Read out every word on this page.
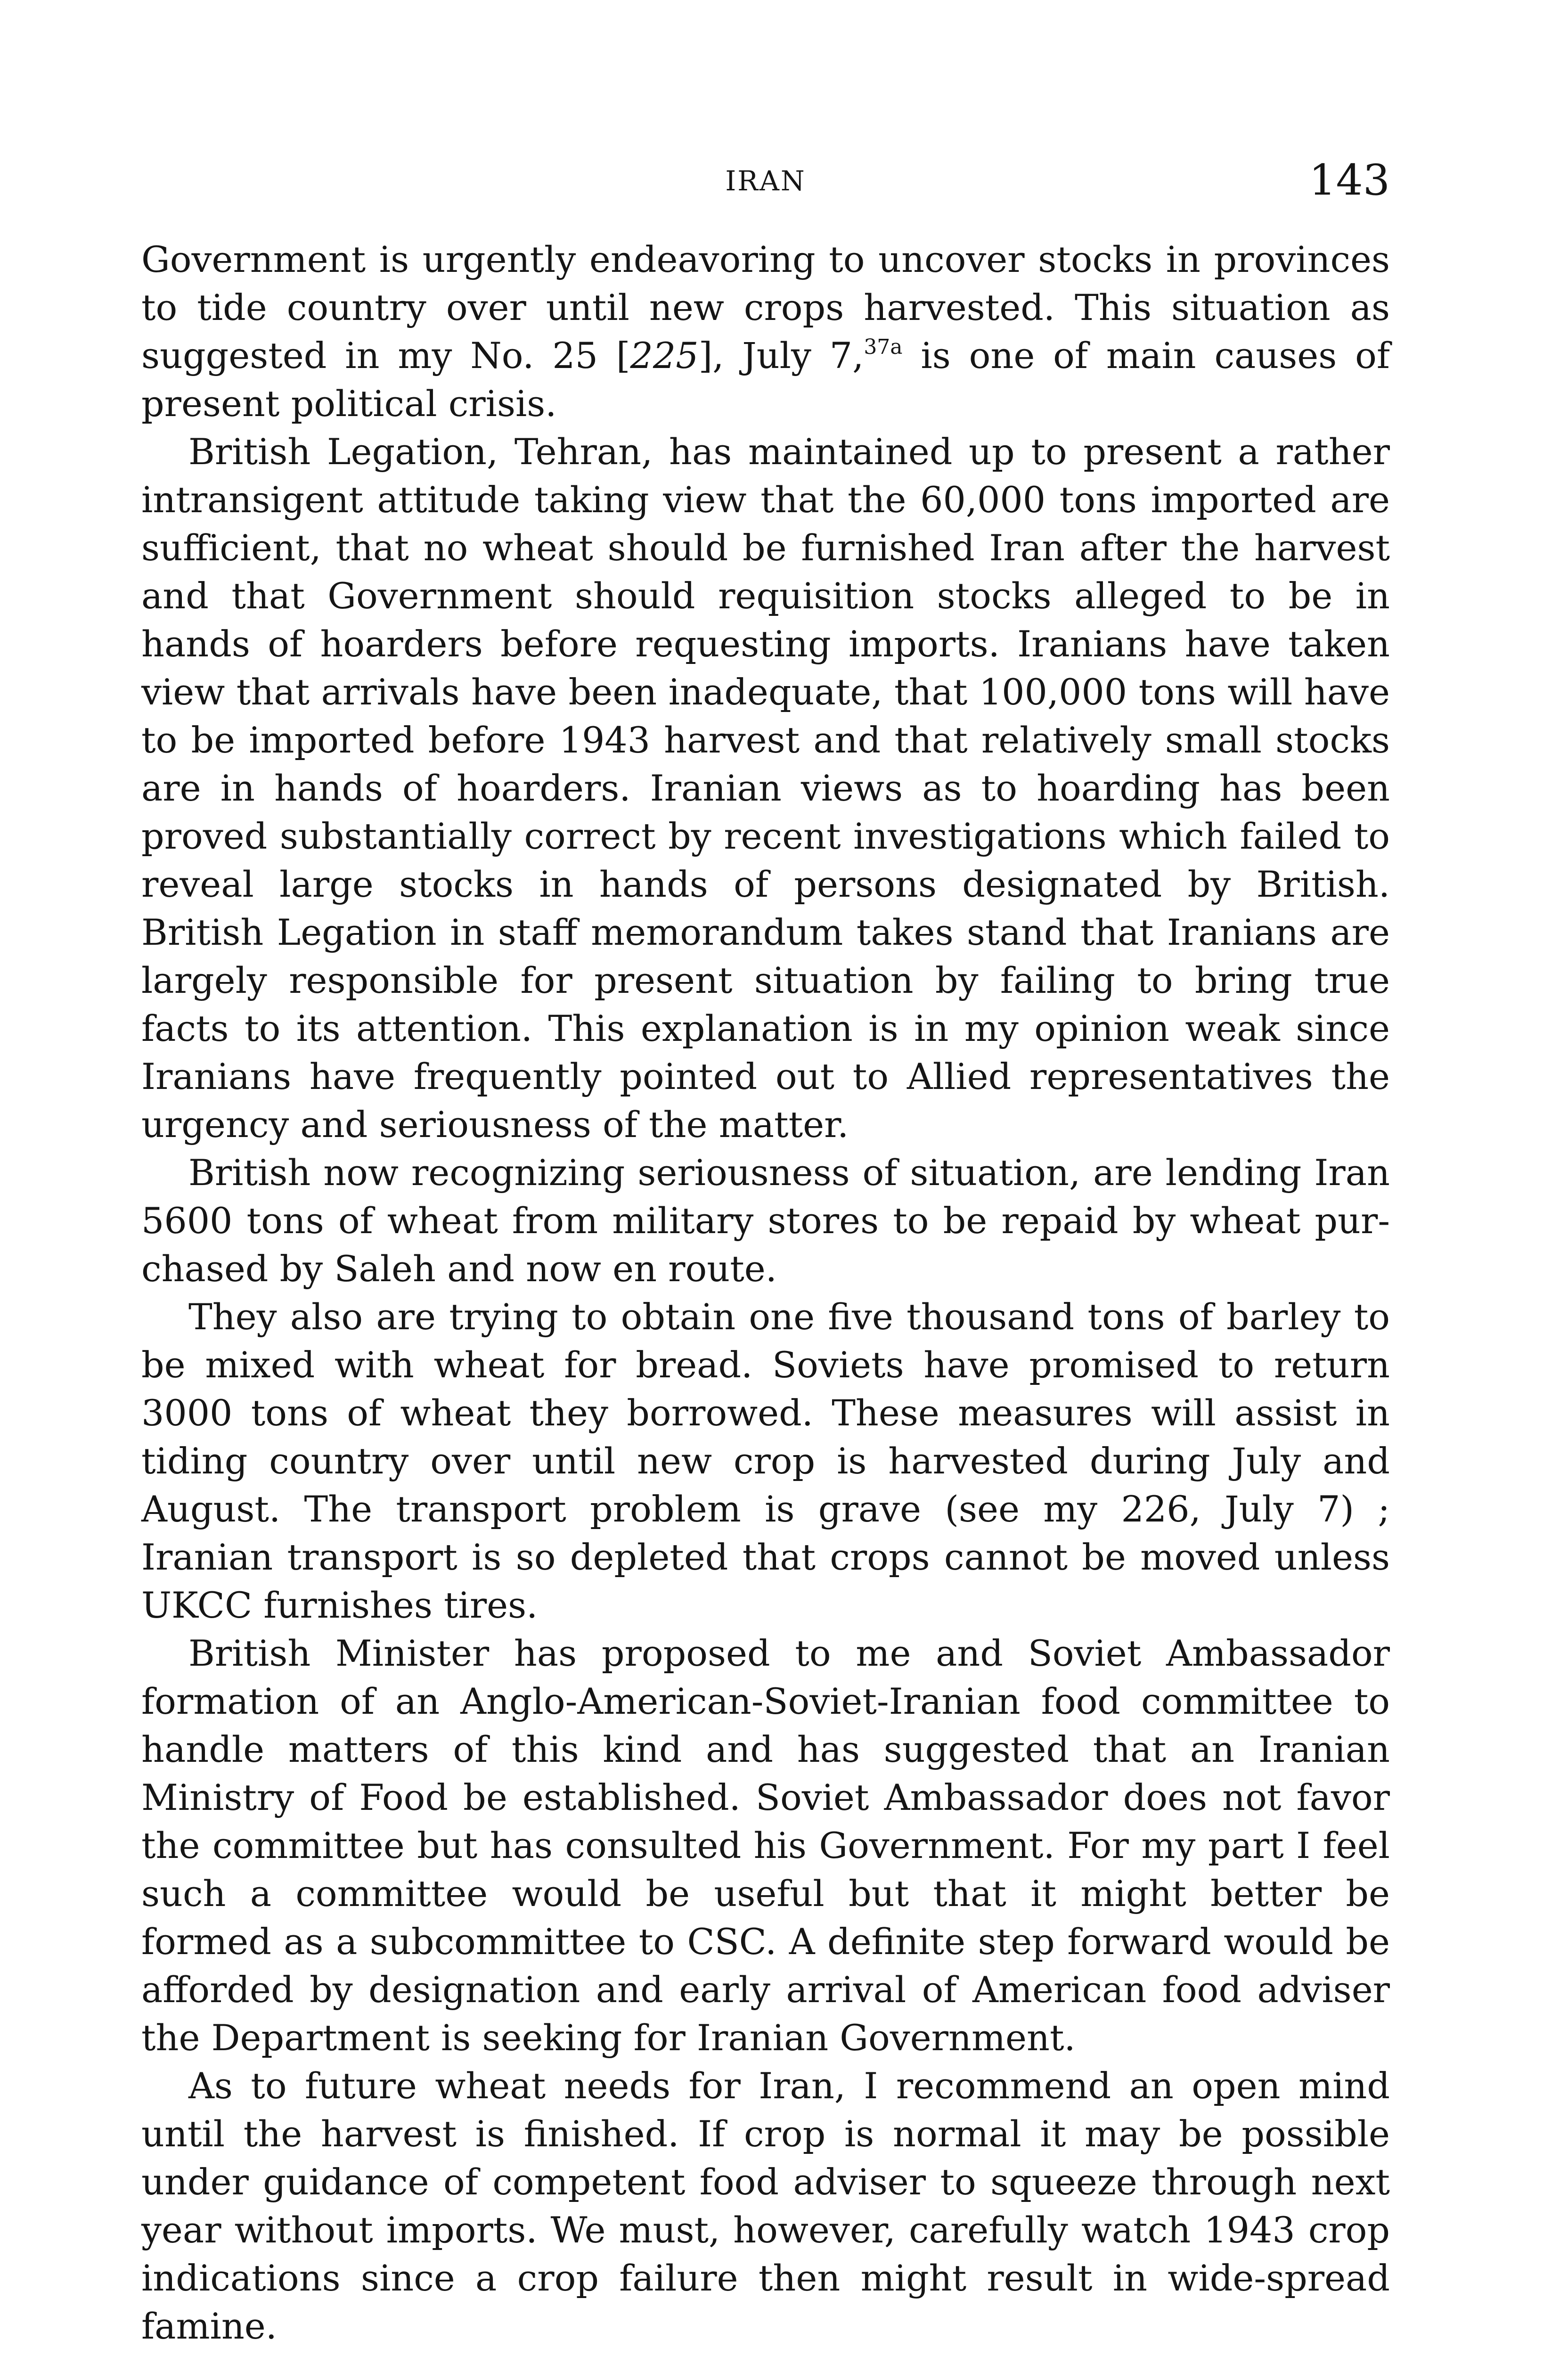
IRAN	143

Government is urgently endeavoring to uncover stocks in provinces to tide country over until new crops harvested. This situation as suggested in my No. 25 [225], July 7,$^{37a}$ is one of main causes of present political crisis.

British Legation, Tehran, has maintained up to present a rather intransigent attitude taking view that the 60,000 tons imported are sufficient, that no wheat should be furnished Iran after the harvest and that Government should requisition stocks alleged to be in hands of hoarders before requesting imports. Iranians have taken view that arrivals have been inadequate, that 100,000 tons will have to be imported before 1943 harvest and that relatively small stocks are in hands of hoarders. Iranian views as to hoarding has been proved substantially correct by recent investigations which failed to reveal large stocks in hands of persons designated by British. British Legation in staff memorandum takes stand that Iranians are largely responsible for present situation by failing to bring true facts to its attention. This explanation is in my opinion weak since Iranians have frequently pointed out to Allied representatives the urgency and seriousness of the matter.

British now recognizing seriousness of situation, are lending Iran 5600 tons of wheat from military stores to be repaid by wheat purchased by Saleh and now en route.

They also are trying to obtain one five thousand tons of barley to be mixed with wheat for bread. Soviets have promised to return 3000 tons of wheat they borrowed. These measures will assist in tiding country over until new crop is harvested during July and August. The transport problem is grave (see my 226, July 7) ; Iranian transport is so depleted that crops cannot be moved unless UKCC furnishes tires.

British Minister has proposed to me and Soviet Ambassador formation of an Anglo-American-Soviet-Iranian food committee to handle matters of this kind and has suggested that an Iranian Ministry of Food be established. Soviet Ambassador does not favor the committee but has consulted his Government. For my part I feel such a committee would be useful but that it might better be formed as a subcommittee to CSC. A definite step forward would be afforded by designation and early arrival of American food adviser the Department is seeking for Iranian Government.

As to future wheat needs for Iran, I recommend an open mind until the harvest is finished. If crop is normal it may be possible under guidance of competent food adviser to squeeze through next year without imports. We must, however, carefully watch 1943 crop indications since a crop failure then might result in wide-spread famine.
